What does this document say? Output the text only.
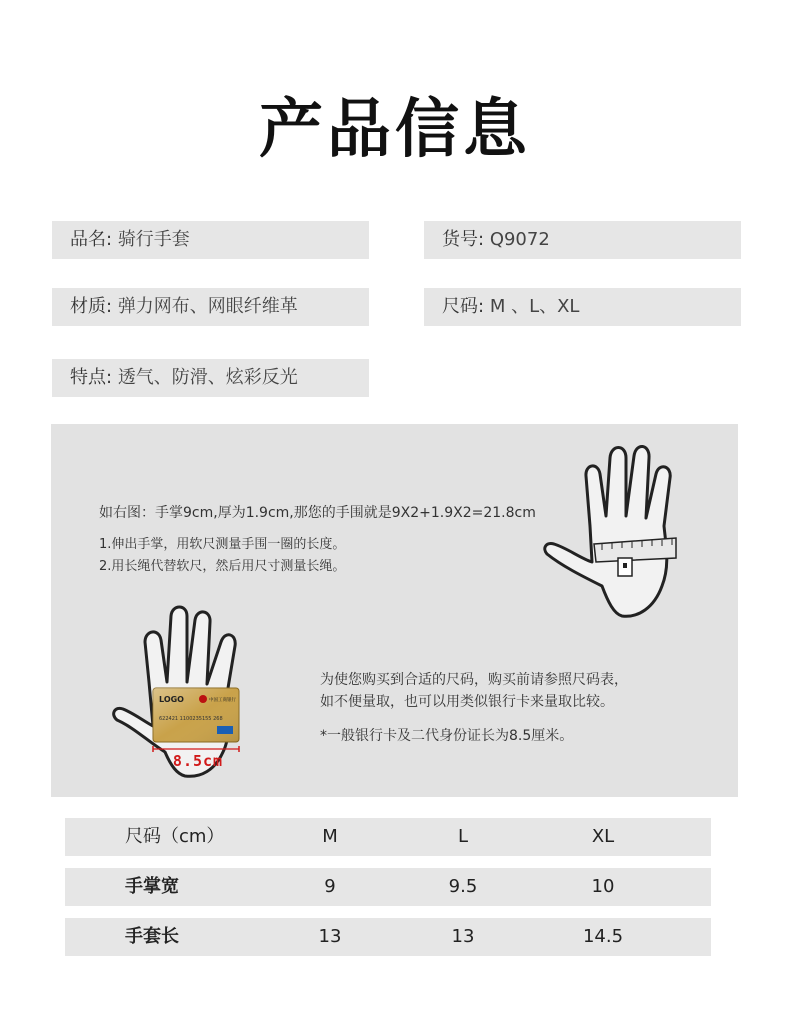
产品信息
品名: 骑行手套	货号: Q9072
材质: 弹力网布、网眼纤维革	尺码: M 、L、XL
特点: 透气、防滑、炫彩反光
如右图：手掌9cm,厚为1.9cm,那您的手围就是9X2+1.9X2=21.8cm
1.伸出手掌，用软尺测量手围一圈的长度。
2.用长绳代替软尺，然后用尺寸测量长绳。
为使您购买到合适的尺码，购买前请参照尺码表，
如不便量取，也可以用类似银行卡来量取比较。
*一般银行卡及二代身份证长为8.5厘米。
LOGO	中国工商银行
622421 1100235155 268
8.5cm
尺码（cm）	M	L	XL
手掌宽	9	9.5	10
手套长	13	13	14.5
